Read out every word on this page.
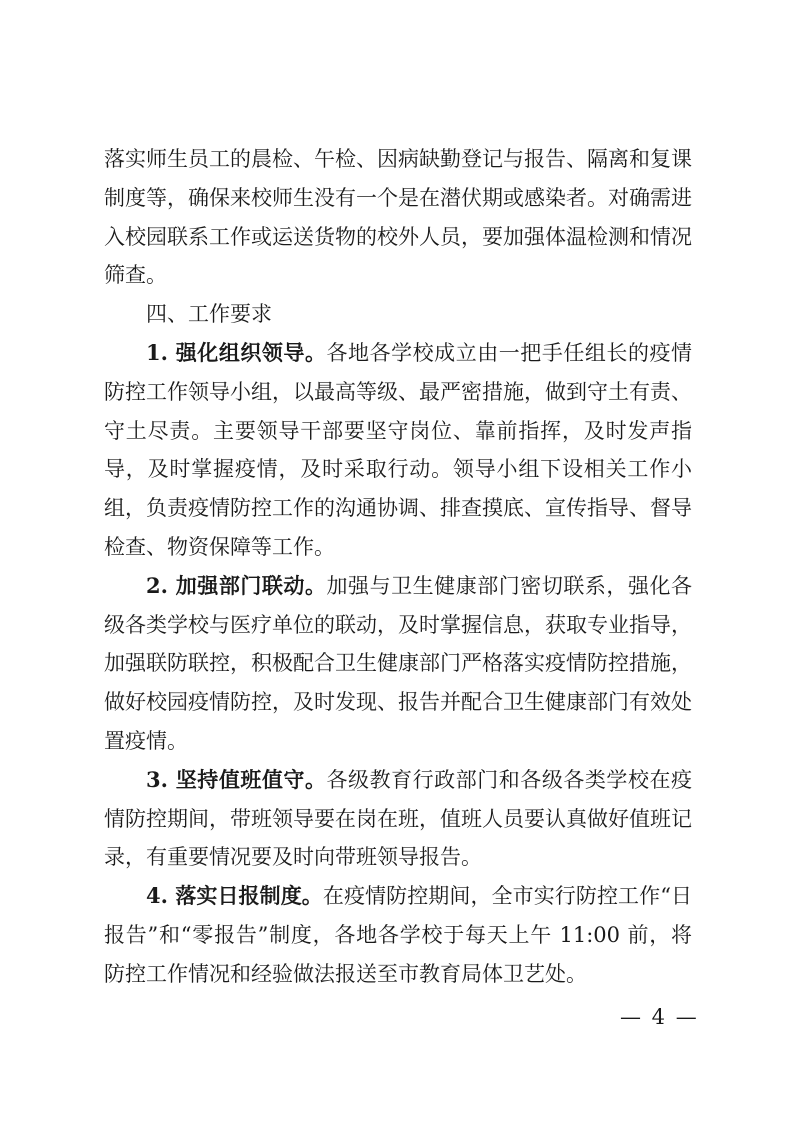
落实师生员工的晨检、午检、因病缺勤登记与报告、隔离和复课制度等，确保来校师生没有一个是在潜伏期或感染者。对确需进入校园联系工作或运送货物的校外人员，要加强体温检测和情况筛查。

四、工作要求

1. 强化组织领导。各地各学校成立由一把手任组长的疫情防控工作领导小组，以最高等级、最严密措施，做到守土有责、守土尽责。主要领导干部要坚守岗位、靠前指挥，及时发声指导，及时掌握疫情，及时采取行动。领导小组下设相关工作小组，负责疫情防控工作的沟通协调、排查摸底、宣传指导、督导检查、物资保障等工作。

2. 加强部门联动。加强与卫生健康部门密切联系，强化各级各类学校与医疗单位的联动，及时掌握信息，获取专业指导，加强联防联控，积极配合卫生健康部门严格落实疫情防控措施，做好校园疫情防控，及时发现、报告并配合卫生健康部门有效处置疫情。

3. 坚持值班值守。各级教育行政部门和各级各类学校在疫情防控期间，带班领导要在岗在班，值班人员要认真做好值班记录，有重要情况要及时向带班领导报告。

4. 落实日报制度。在疫情防控期间，全市实行防控工作“日报告”和“零报告”制度，各地各学校于每天上午 11:00 前，将防控工作情况和经验做法报送至市教育局体卫艺处。

— 4 —
